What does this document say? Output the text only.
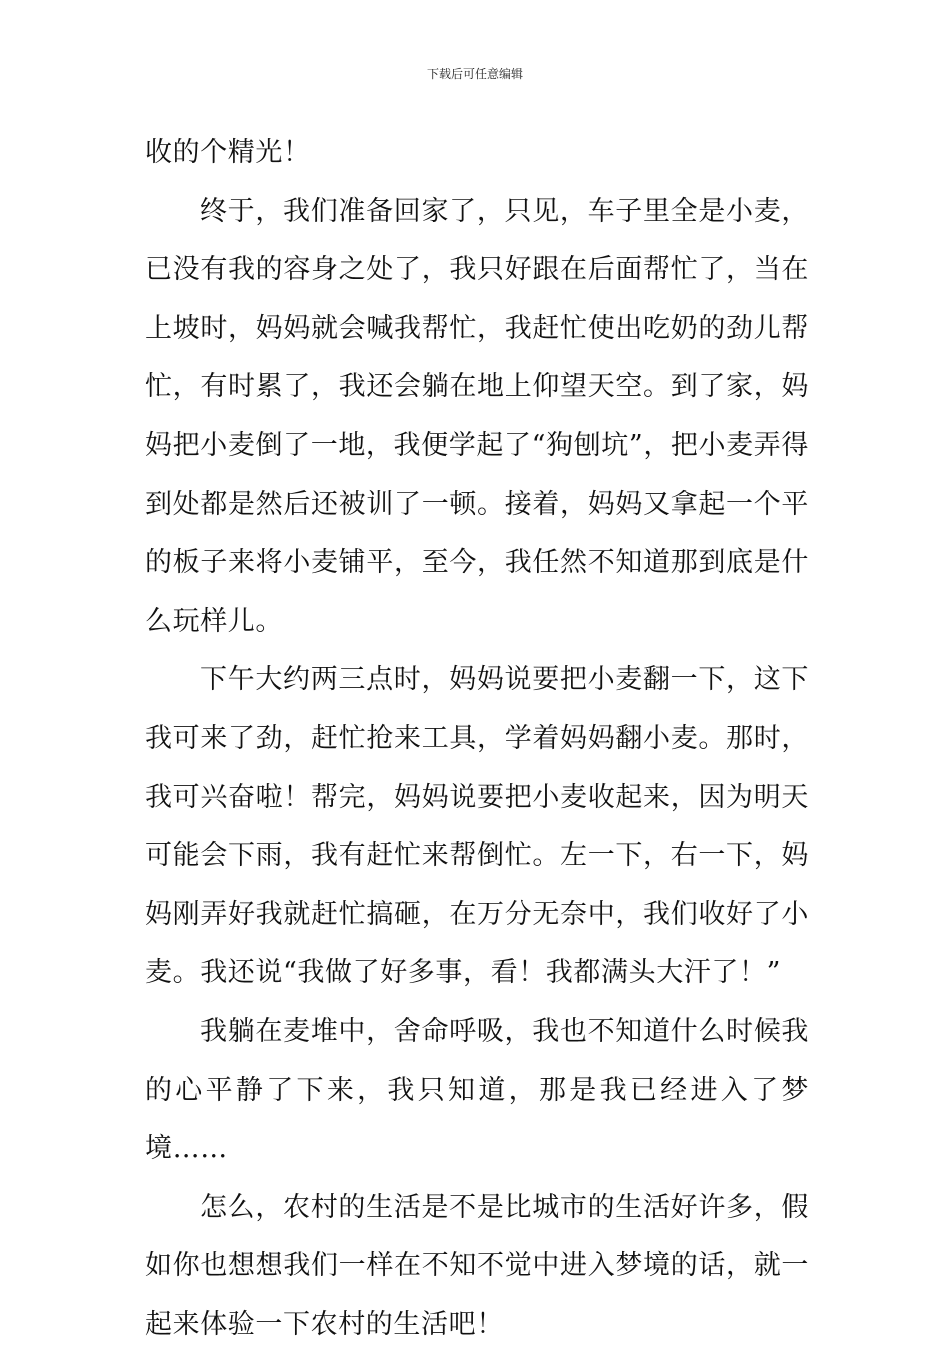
下载后可任意编辑

收的个精光！

终于，我们准备回家了，只见，车子里全是小麦，已没有我的容身之处了，我只好跟在后面帮忙了，当在上坡时，妈妈就会喊我帮忙，我赶忙使出吃奶的劲儿帮忙，有时累了，我还会躺在地上仰望天空。到了家，妈妈把小麦倒了一地，我便学起了“狗刨坑”，把小麦弄得到处都是然后还被训了一顿。接着，妈妈又拿起一个平的板子来将小麦铺平，至今，我任然不知道那到底是什么玩样儿。

下午大约两三点时，妈妈说要把小麦翻一下，这下我可来了劲，赶忙抢来工具，学着妈妈翻小麦。那时，我可兴奋啦！帮完，妈妈说要把小麦收起来，因为明天可能会下雨，我有赶忙来帮倒忙。左一下，右一下，妈妈刚弄好我就赶忙搞砸，在万分无奈中，我们收好了小麦。我还说“我做了好多事，看！我都满头大汗了！”

我躺在麦堆中，舍命呼吸，我也不知道什么时候我的心平静了下来，我只知道，那是我已经进入了梦境……

怎么，农村的生活是不是比城市的生活好许多，假如你也想想我们一样在不知不觉中进入梦境的话，就一起来体验一下农村的生活吧！
